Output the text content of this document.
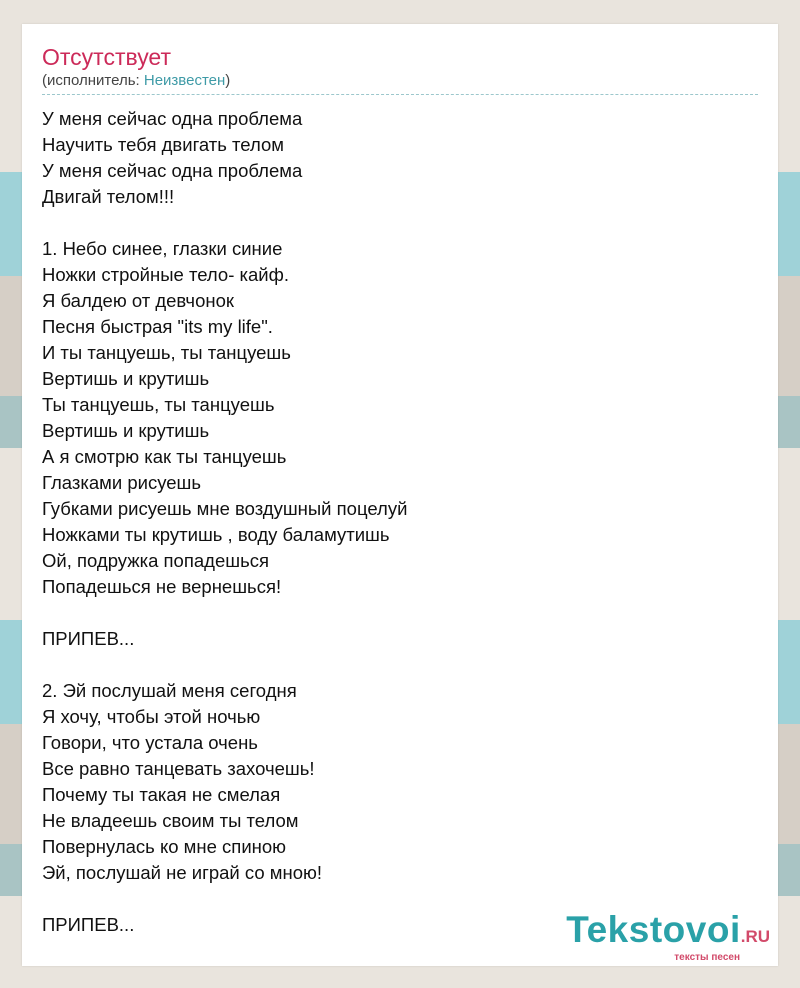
Отсутствует
(исполнитель: Неизвестен)
У меня сейчас одна проблема
Научить тебя двигать телом
У меня сейчас одна проблема
Двигай телом!!!
1. Небо синее, глазки синие
Ножки стройные тело- кайф.
Я балдею от девчонок
Песня быстрая "its my life".
И ты танцуешь, ты танцуешь
Вертишь и крутишь
Ты танцуешь, ты танцуешь
Вертишь и крутишь
А я смотрю как ты танцуешь
Глазками рисуешь
Губками рисуешь мне воздушный поцелуй
Ножками ты крутишь , воду баламутишь
Ой, подружка попадешься
Попадешься не вернешься!
ПРИПЕВ...
2. Эй послушай меня сегодня
Я хочу, чтобы этой ночью
Говори, что устала очень
Все равно танцевать захочешь!
Почему ты такая не смелая
Не владеешь своим ты телом
Повернулась ко мне спиною
Эй, послушай не играй со мною!
ПРИПЕВ...	Tekstovoi.RU
тексты песен
